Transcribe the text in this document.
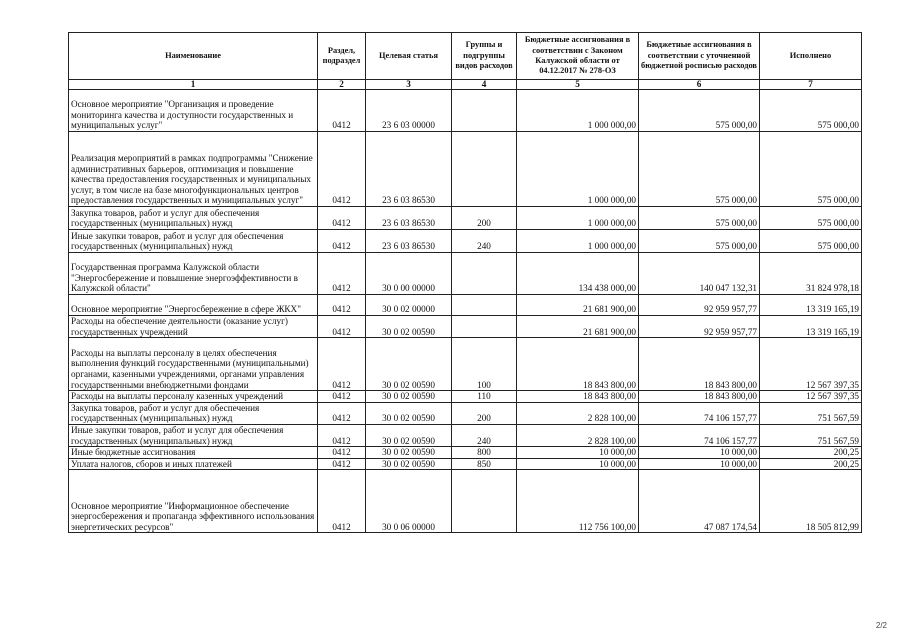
Наименование	Раздел, подраздел	Целевая статья	Группы и подгруппы видов расходов	Бюджетные ассигнования в соответствии с Законом Калужской области от 04.12.2017 № 278-ОЗ	Бюджетные ассигнования в соответствии с уточненной бюджетной росписью расходов	Исполнено
1	2	3	4	5	6	7
Основное мероприятие "Организация и проведение мониторинга качества и доступности государственных и муниципальных услуг"	0412	23 6 03 00000		1 000 000,00	575 000,00	575 000,00
Реализация мероприятий в рамках подпрограммы "Снижение административных барьеров, оптимизация и повышение качества предоставления государственных и муниципальных услуг, в том числе на базе многофункциональных центров предоставления государственных и муниципальных услуг"	0412	23 6 03 86530		1 000 000,00	575 000,00	575 000,00
Закупка товаров, работ и услуг для обеспечения государственных (муниципальных) нужд	0412	23 6 03 86530	200	1 000 000,00	575 000,00	575 000,00
Иные закупки товаров, работ и услуг для обеспечения государственных (муниципальных) нужд	0412	23 6 03 86530	240	1 000 000,00	575 000,00	575 000,00
Государственная программа Калужской области "Энергосбережение и повышение энергоэффективности в Калужской области"	0412	30 0 00 00000		134 438 000,00	140 047 132,31	31 824 978,18
Основное мероприятие "Энергосбережение в сфере ЖКХ"	0412	30 0 02 00000		21 681 900,00	92 959 957,77	13 319 165,19
Расходы на обеспечение деятельности (оказание услуг) государственных учреждений	0412	30 0 02 00590		21 681 900,00	92 959 957,77	13 319 165,19
Расходы на выплаты персоналу в целях обеспечения выполнения функций государственными (муниципальными) органами, казенными учреждениями, органами управления государственными внебюджетными фондами	0412	30 0 02 00590	100	18 843 800,00	18 843 800,00	12 567 397,35
Расходы на выплаты персоналу казенных учреждений	0412	30 0 02 00590	110	18 843 800,00	18 843 800,00	12 567 397,35
Закупка товаров, работ и услуг для обеспечения государственных (муниципальных) нужд	0412	30 0 02 00590	200	2 828 100,00	74 106 157,77	751 567,59
Иные закупки товаров, работ и услуг для обеспечения государственных (муниципальных) нужд	0412	30 0 02 00590	240	2 828 100,00	74 106 157,77	751 567,59
Иные бюджетные ассигнования	0412	30 0 02 00590	800	10 000,00	10 000,00	200,25
Уплата налогов, сборов и иных платежей	0412	30 0 02 00590	850	10 000,00	10 000,00	200,25
Основное мероприятие "Информационное обеспечение энергосбережения и пропаганда эффективного использования энергетических ресурсов"	0412	30 0 06 00000		112 756 100,00	47 087 174,54	18 505 812,99
2/2
